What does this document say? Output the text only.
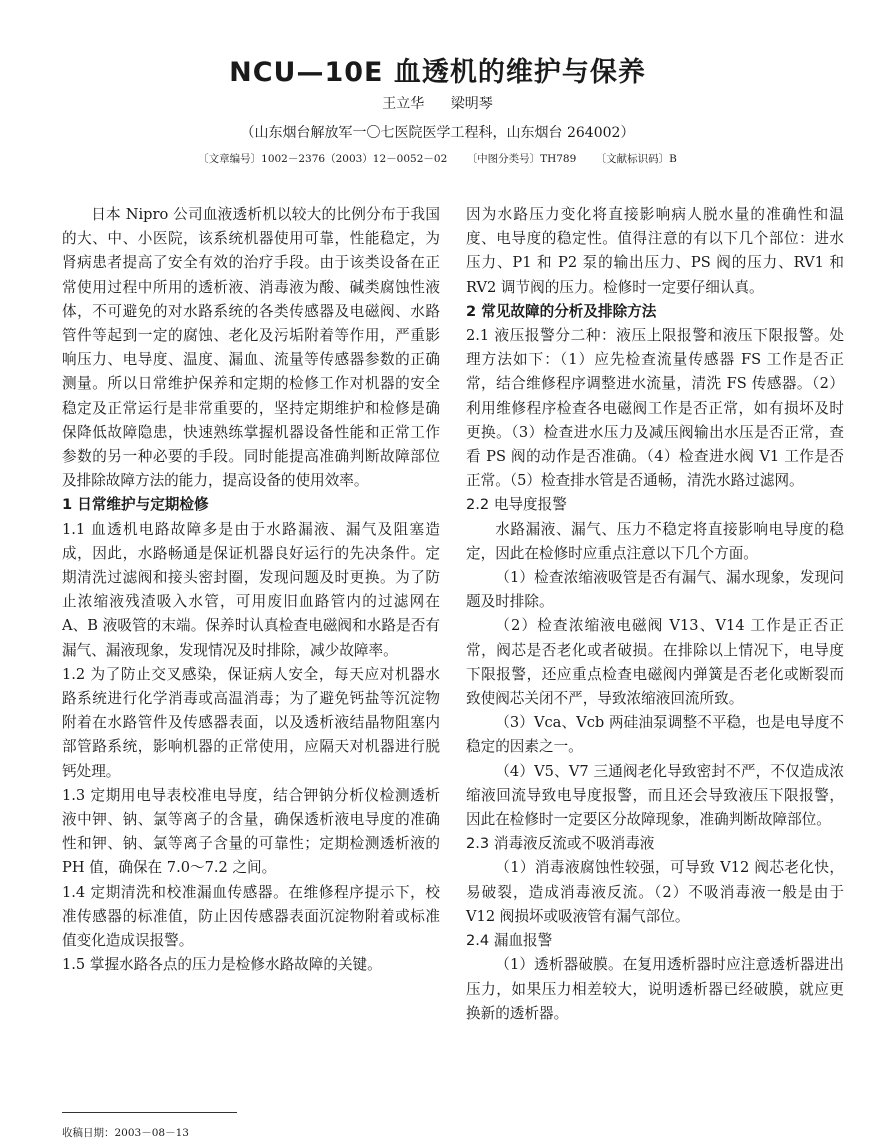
NCU—10E 血透机的维护与保养
王立华 梁明琴
（山东烟台解放军一〇七医院医学工程科，山东烟台 264002）
〔文章编号〕1002－2376（2003）12－0052－02 〔中图分类号〕TH789 〔文献标识码〕B

日本 Nipro 公司血液透析机以较大的比例分布于我国的大、中、小医院，该系统机器使用可靠，性能稳定，为肾病患者提高了安全有效的治疗手段。由于该类设备在正常使用过程中所用的透析液、消毒液为酸、碱类腐蚀性液体，不可避免的对水路系统的各类传感器及电磁阀、水路管件等起到一定的腐蚀、老化及污垢附着等作用，严重影响压力、电导度、温度、漏血、流量等传感器参数的正确测量。所以日常维护保养和定期的检修工作对机器的安全稳定及正常运行是非常重要的，坚持定期维护和检修是确保降低故障隐患，快速熟练掌握机器设备性能和正常工作参数的另一种必要的手段。同时能提高准确判断故障部位及排除故障方法的能力，提高设备的使用效率。

1 日常维护与定期检修

1.1 血透机电路故障多是由于水路漏液、漏气及阻塞造成，因此，水路畅通是保证机器良好运行的先决条件。定期清洗过滤阀和接头密封圈，发现问题及时更换。为了防止浓缩液残渣吸入水管，可用废旧血路管内的过滤网在 A、B 液吸管的末端。保养时认真检查电磁阀和水路是否有漏气、漏液现象，发现情况及时排除，减少故障率。

1.2 为了防止交叉感染，保证病人安全，每天应对机器水路系统进行化学消毒或高温消毒；为了避免钙盐等沉淀物附着在水路管件及传感器表面，以及透析液结晶物阻塞内部管路系统，影响机器的正常使用，应隔天对机器进行脱钙处理。

1.3 定期用电导表校准电导度，结合钾钠分析仪检测透析液中钾、钠、氯等离子的含量，确保透析液电导度的准确性和钾、钠、氯等离子含量的可靠性；定期检测透析液的 PH 值，确保在 7.0～7.2 之间。

1.4 定期清洗和校准漏血传感器。在维修程序提示下，校准传感器的标准值，防止因传感器表面沉淀物附着或标准值变化造成误报警。

1.5 掌握水路各点的压力是检修水路故障的关键。

因为水路压力变化将直接影响病人脱水量的准确性和温度、电导度的稳定性。值得注意的有以下几个部位：进水压力、P1 和 P2 泵的输出压力、PS 阀的压力、RV1 和 RV2 调节阀的压力。检修时一定要仔细认真。

2 常见故障的分析及排除方法

2.1 液压报警分二种：液压上限报警和液压下限报警。处理方法如下：（1）应先检查流量传感器 FS 工作是否正常，结合维修程序调整进水流量，清洗 FS 传感器。（2）利用维修程序检查各电磁阀工作是否正常，如有损坏及时更换。（3）检查进水压力及减压阀输出水压是否正常，查看 PS 阀的动作是否准确。（4）检查进水阀 V1 工作是否正常。（5）检查排水管是否通畅，清洗水路过滤网。

2.2 电导度报警

水路漏液、漏气、压力不稳定将直接影响电导度的稳定，因此在检修时应重点注意以下几个方面。

（1）检查浓缩液吸管是否有漏气、漏水现象，发现问题及时排除。

（2）检查浓缩液电磁阀 V13、V14 工作是正否正常，阀芯是否老化或者破损。在排除以上情况下，电导度下限报警，还应重点检查电磁阀内弹簧是否老化或断裂而致使阀芯关闭不严，导致浓缩液回流所致。

（3）Vca、Vcb 两硅油泵调整不平稳，也是电导度不稳定的因素之一。

（4）V5、V7 三通阀老化导致密封不严，不仅造成浓缩液回流导致电导度报警，而且还会导致液压下限报警，因此在检修时一定要区分故障现象，准确判断故障部位。

2.3 消毒液反流或不吸消毒液

（1）消毒液腐蚀性较强，可导致 V12 阀芯老化快，易破裂，造成消毒液反流。（2）不吸消毒液一般是由于 V12 阀损坏或吸液管有漏气部位。

2.4 漏血报警

（1）透析器破膜。在复用透析器时应注意透析器进出压力，如果压力相差较大，说明透析器已经破膜，就应更换新的透析器。

收稿日期：2003－08－13
